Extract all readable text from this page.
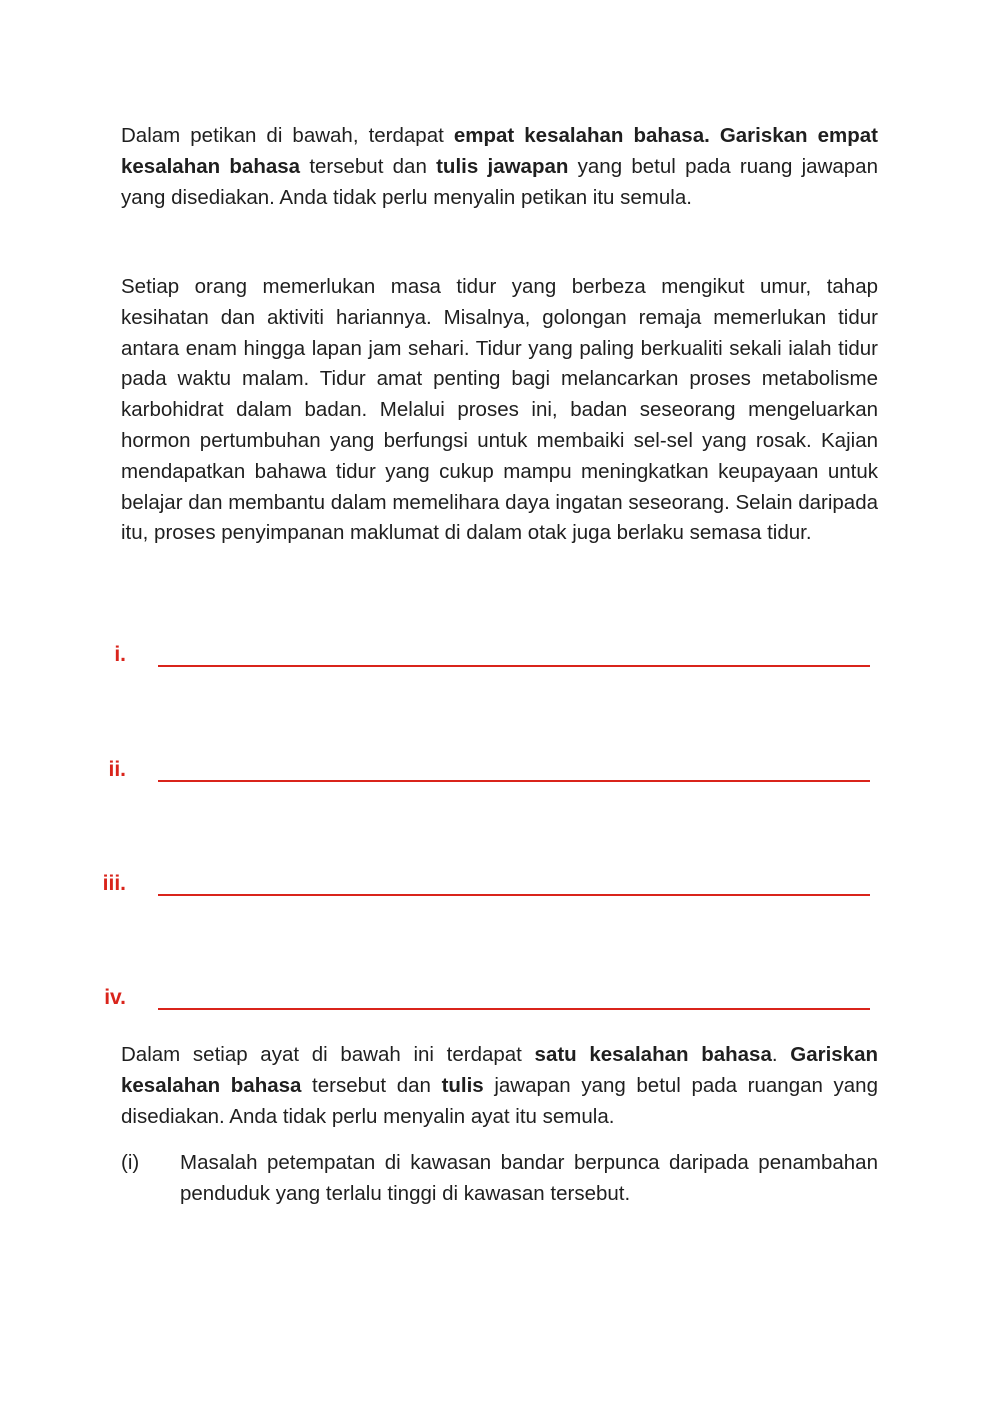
Dalam petikan di bawah, terdapat empat kesalahan bahasa. Gariskan empat kesalahan bahasa tersebut dan tulis jawapan yang betul pada ruang jawapan yang disediakan. Anda tidak perlu menyalin petikan itu semula.

Setiap orang memerlukan masa tidur yang berbeza mengikut umur, tahap kesihatan dan aktiviti hariannya. Misalnya, golongan remaja memerlukan tidur antara enam hingga lapan jam sehari. Tidur yang paling berkualiti sekali ialah tidur pada waktu malam. Tidur amat penting bagi melancarkan proses metabolisme karbohidrat dalam badan. Melalui proses ini, badan seseorang mengeluarkan hormon pertumbuhan yang berfungsi untuk membaiki sel-sel yang rosak. Kajian mendapatkan bahawa tidur yang cukup mampu meningkatkan keupayaan untuk belajar dan membantu dalam memelihara daya ingatan seseorang. Selain daripada itu, proses penyimpanan maklumat di dalam otak juga berlaku semasa tidur.

i.
ii.
iii.
iv.

Dalam setiap ayat di bawah ini terdapat satu kesalahan bahasa. Gariskan kesalahan bahasa tersebut dan tulis jawapan yang betul pada ruangan yang disediakan. Anda tidak perlu menyalin ayat itu semula.

(i) Masalah petempatan di kawasan bandar berpunca daripada penambahan penduduk yang terlalu tinggi di kawasan tersebut.
